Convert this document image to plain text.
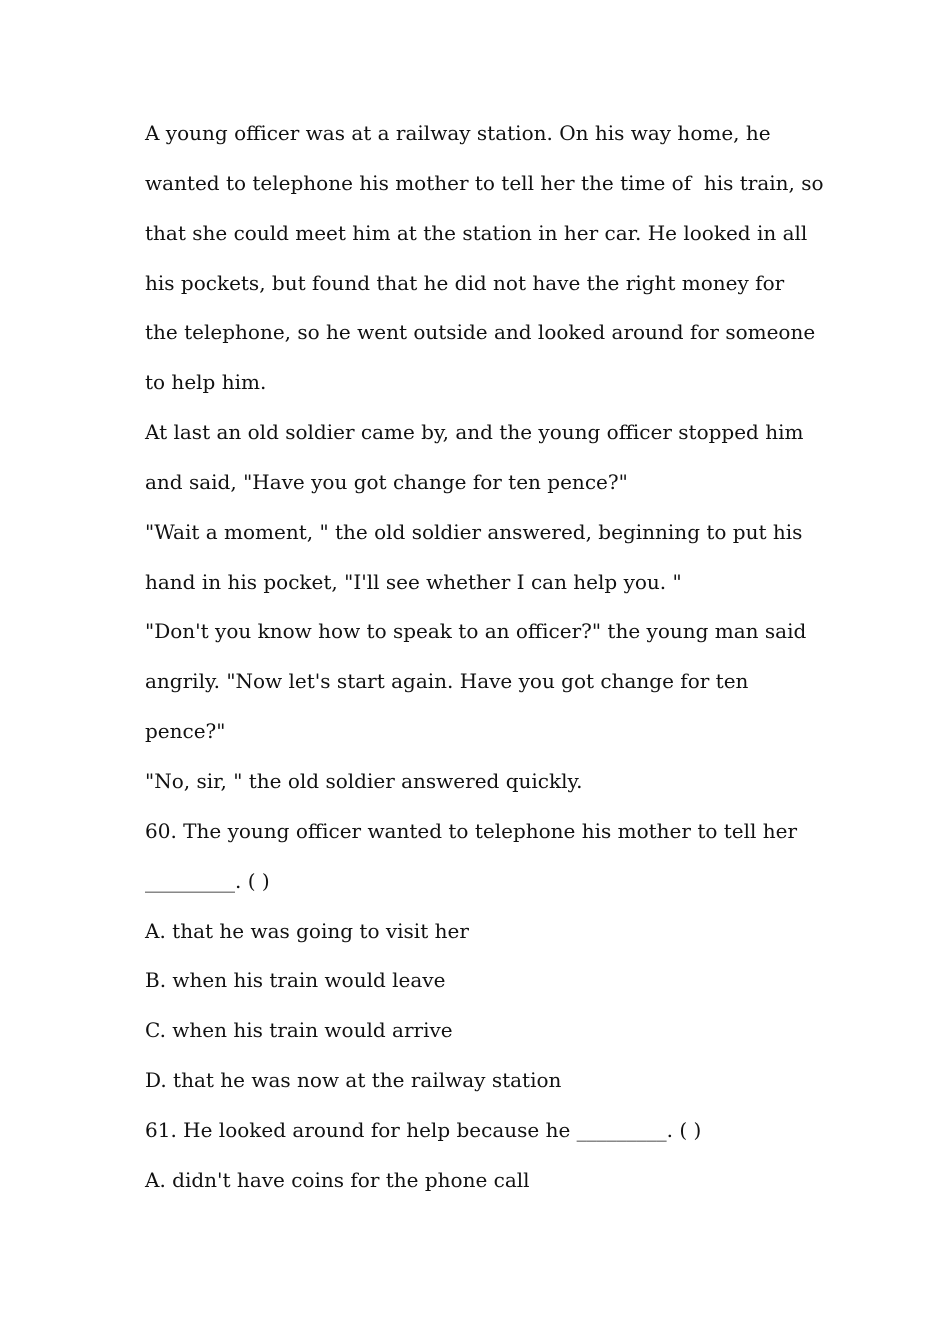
A young officer was at a railway station. On his way home, he

wanted to telephone his mother to tell her the time of  his train, so

that she could meet him at the station in her car. He looked in all

his pockets, but found that he did not have the right money for

the telephone, so he went outside and looked around for someone

to help him.

At last an old soldier came by, and the young officer stopped him

and said, "Have you got change for ten pence?"

"Wait a moment, " the old soldier answered, beginning to put his

hand in his pocket, "I'll see whether I can help you. "

"Don't you know how to speak to an officer?" the young man said

angrily. "Now let's start again. Have you got change for ten

pence?"

"No, sir, " the old soldier answered quickly.

60. The young officer wanted to telephone his mother to tell her

_________. ( )

A. that he was going to visit her

B. when his train would leave

C. when his train would arrive

D. that he was now at the railway station

61. He looked around for help because he _________. ( )

A. didn't have coins for the phone call
